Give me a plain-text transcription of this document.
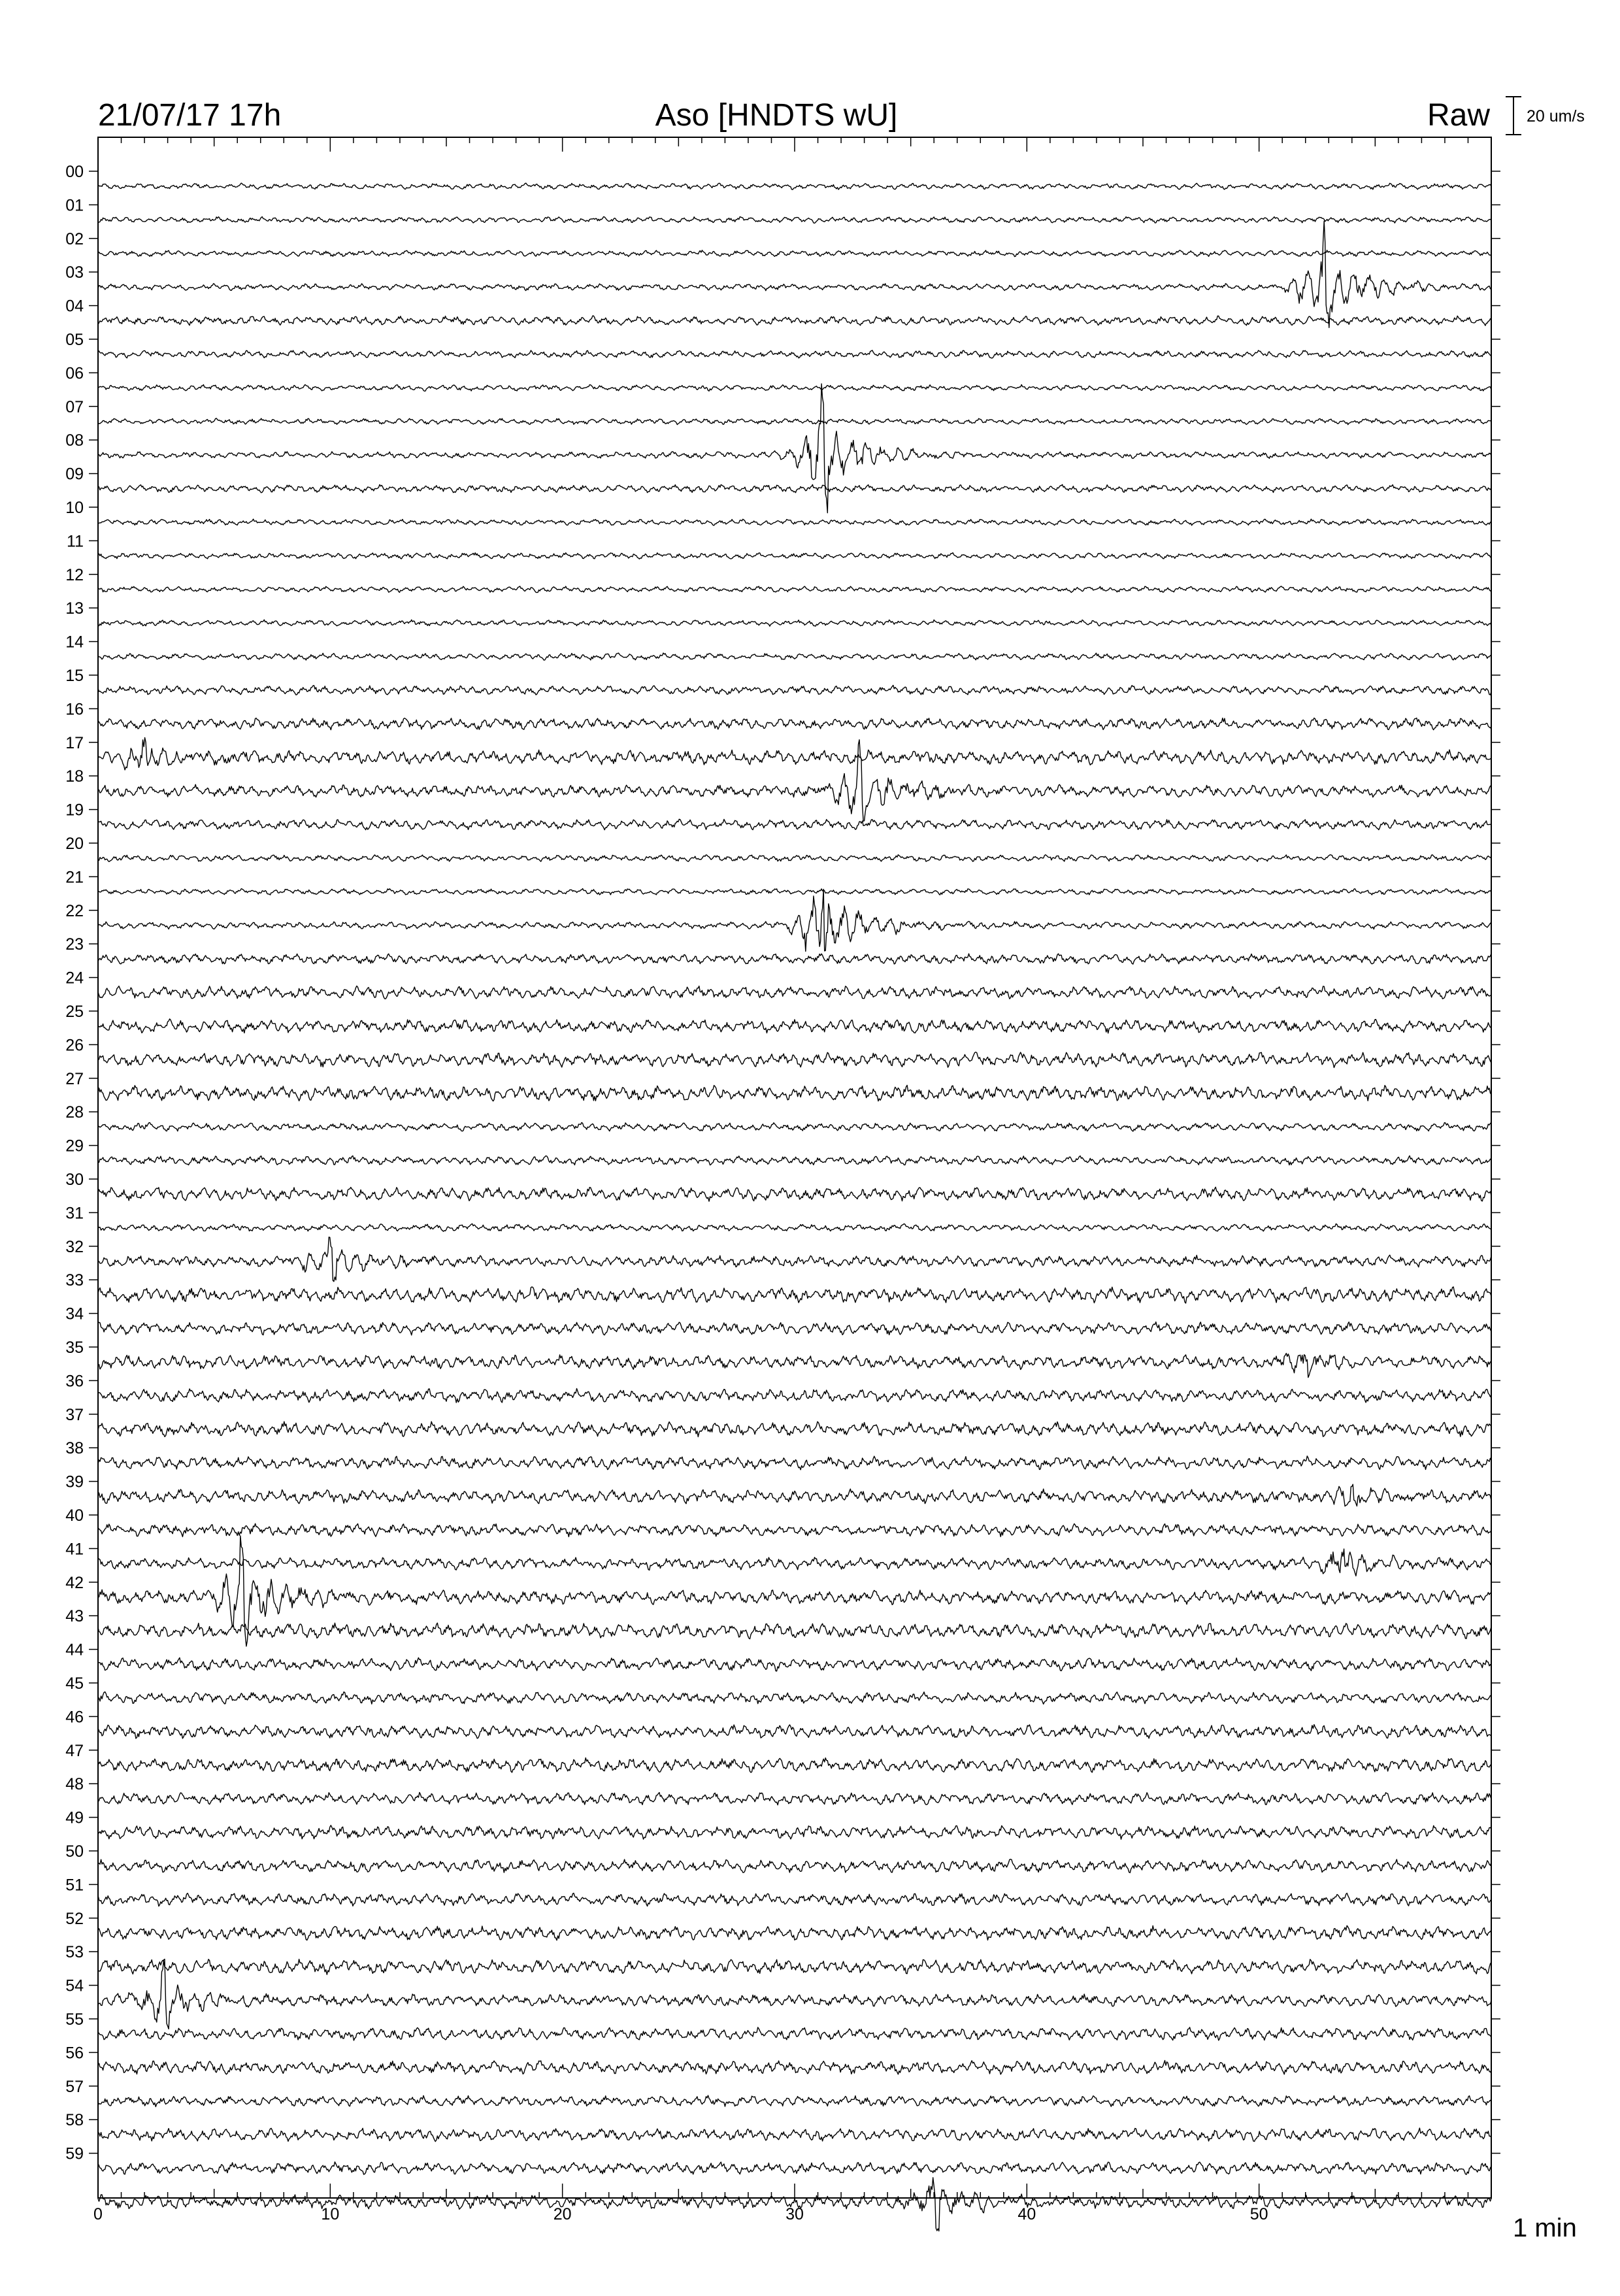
21/07/17 17h	Aso [HNDTS wU]	Raw 20 um/s
00
01
02
03
04
05
06
07
08
09
10
11
12
13
14
15
16
17
18
19
20
21
22
23
24
25
26
27
28
29
30
31
32
33
34
35
36
37
38
39
40
41
42
43
44
45
46
47
48
49
50
51
52
53
54
55
56
57
58
59
0	10	20	30	40	50	1 min
